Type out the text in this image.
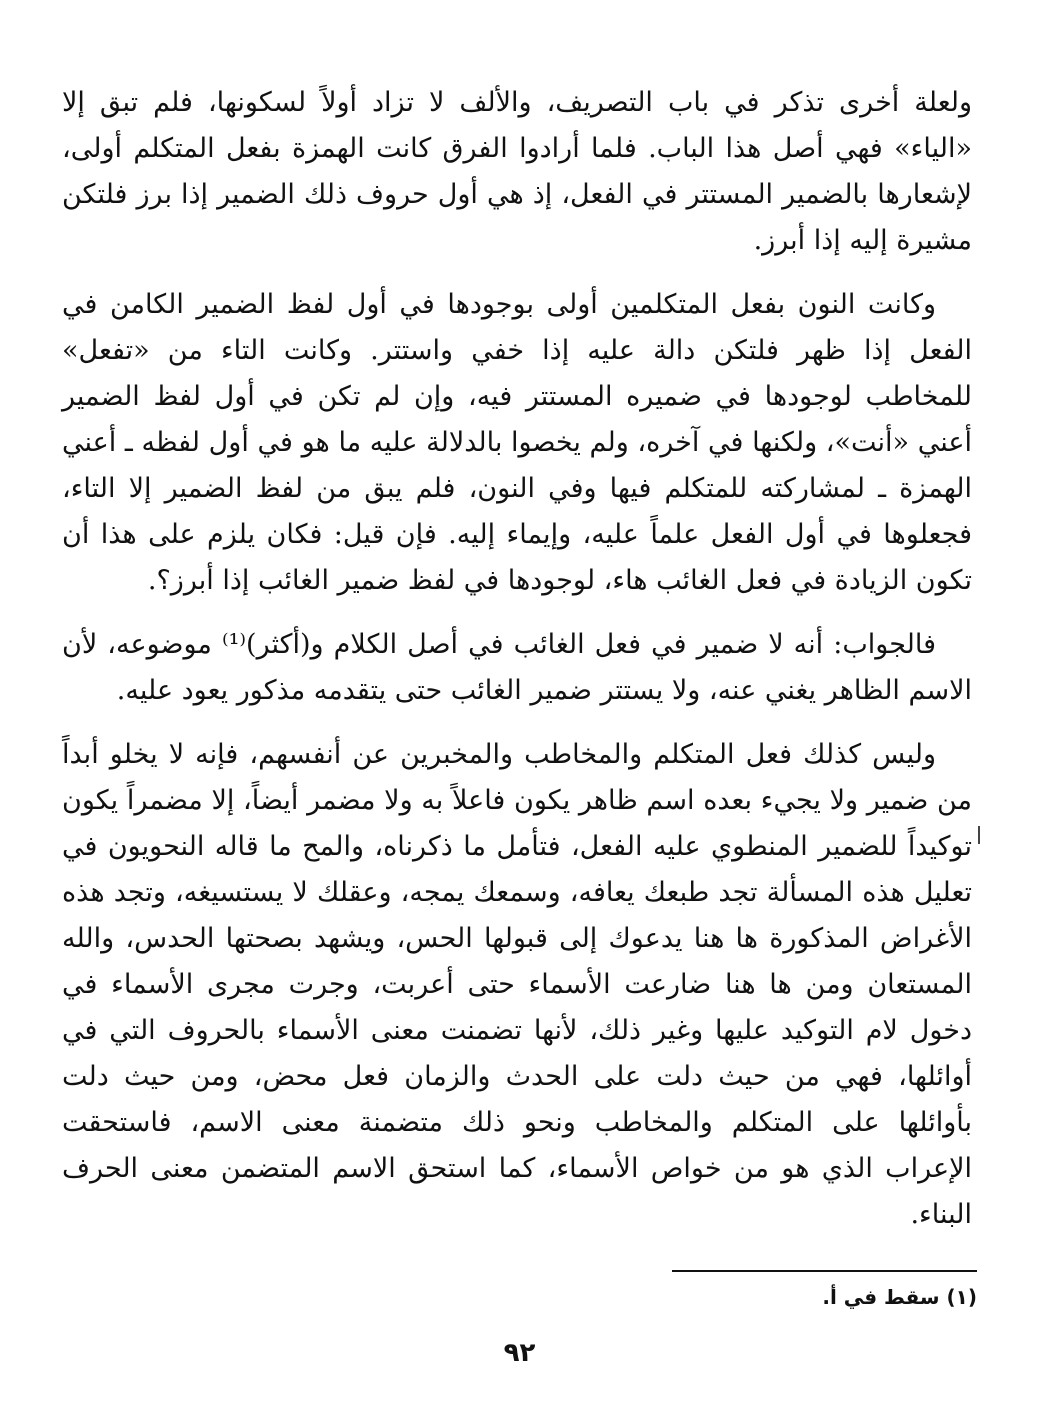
ولعلة أخرى تذكر في باب التصريف، والألف لا تزاد أولاً لسكونها، فلم تبق إلا «الياء» فهي أصل هذا الباب. فلما أرادوا الفرق كانت الهمزة بفعل المتكلم أولى، لإشعارها بالضمير المستتر في الفعل، إذ هي أول حروف ذلك الضمير إذا برز فلتكن مشيرة إليه إذا أبرز.

وكانت النون بفعل المتكلمين أولى بوجودها في أول لفظ الضمير الكامن في الفعل إذا ظهر فلتكن دالة عليه إذا خفي واستتر. وكانت التاء من «تفعل» للمخاطب لوجودها في ضميره المستتر فيه، وإن لم تكن في أول لفظ الضمير أعني «أنت»، ولكنها في آخره، ولم يخصوا بالدلالة عليه ما هو في أول لفظه ـ أعني الهمزة ـ لمشاركته للمتكلم فيها وفي النون، فلم يبق من لفظ الضمير إلا التاء، فجعلوها في أول الفعل علماً عليه، وإيماء إليه. فإن قيل: فكان يلزم على هذا أن تكون الزيادة في فعل الغائب هاء، لوجودها في لفظ ضمير الغائب إذا أبرز؟.

فالجواب: أنه لا ضمير في فعل الغائب في أصل الكلام و(أكثر)⁽¹⁾ موضوعه، لأن الاسم الظاهر يغني عنه، ولا يستتر ضمير الغائب حتى يتقدمه مذكور يعود عليه.

وليس كذلك فعل المتكلم والمخاطب والمخبرين عن أنفسهم، فإنه لا يخلو أبداً من ضمير ولا يجيء بعده اسم ظاهر يكون فاعلاً به ولا مضمر أيضاً، إلا مضمراً يكون توكيداً للضمير المنطوي عليه الفعل، فتأمل ما ذكرناه، والمح ما قاله النحويون في تعليل هذه المسألة تجد طبعك يعافه، وسمعك يمجه، وعقلك لا يستسيغه، وتجد هذه الأغراض المذكورة ها هنا يدعوك إلى قبولها الحس، ويشهد بصحتها الحدس، والله المستعان ومن ها هنا ضارعت الأسماء حتى أعربت، وجرت مجرى الأسماء في دخول لام التوكيد عليها وغير ذلك، لأنها تضمنت معنى الأسماء بالحروف التي في أوائلها، فهي من حيث دلت على الحدث والزمان فعل محض، ومن حيث دلت بأوائلها على المتكلم والمخاطب ونحو ذلك متضمنة معنى الاسم، فاستحقت الإعراب الذي هو من خواص الأسماء، كما استحق الاسم المتضمن معنى الحرف البناء.

(١) سقط في أ.
٩٢
